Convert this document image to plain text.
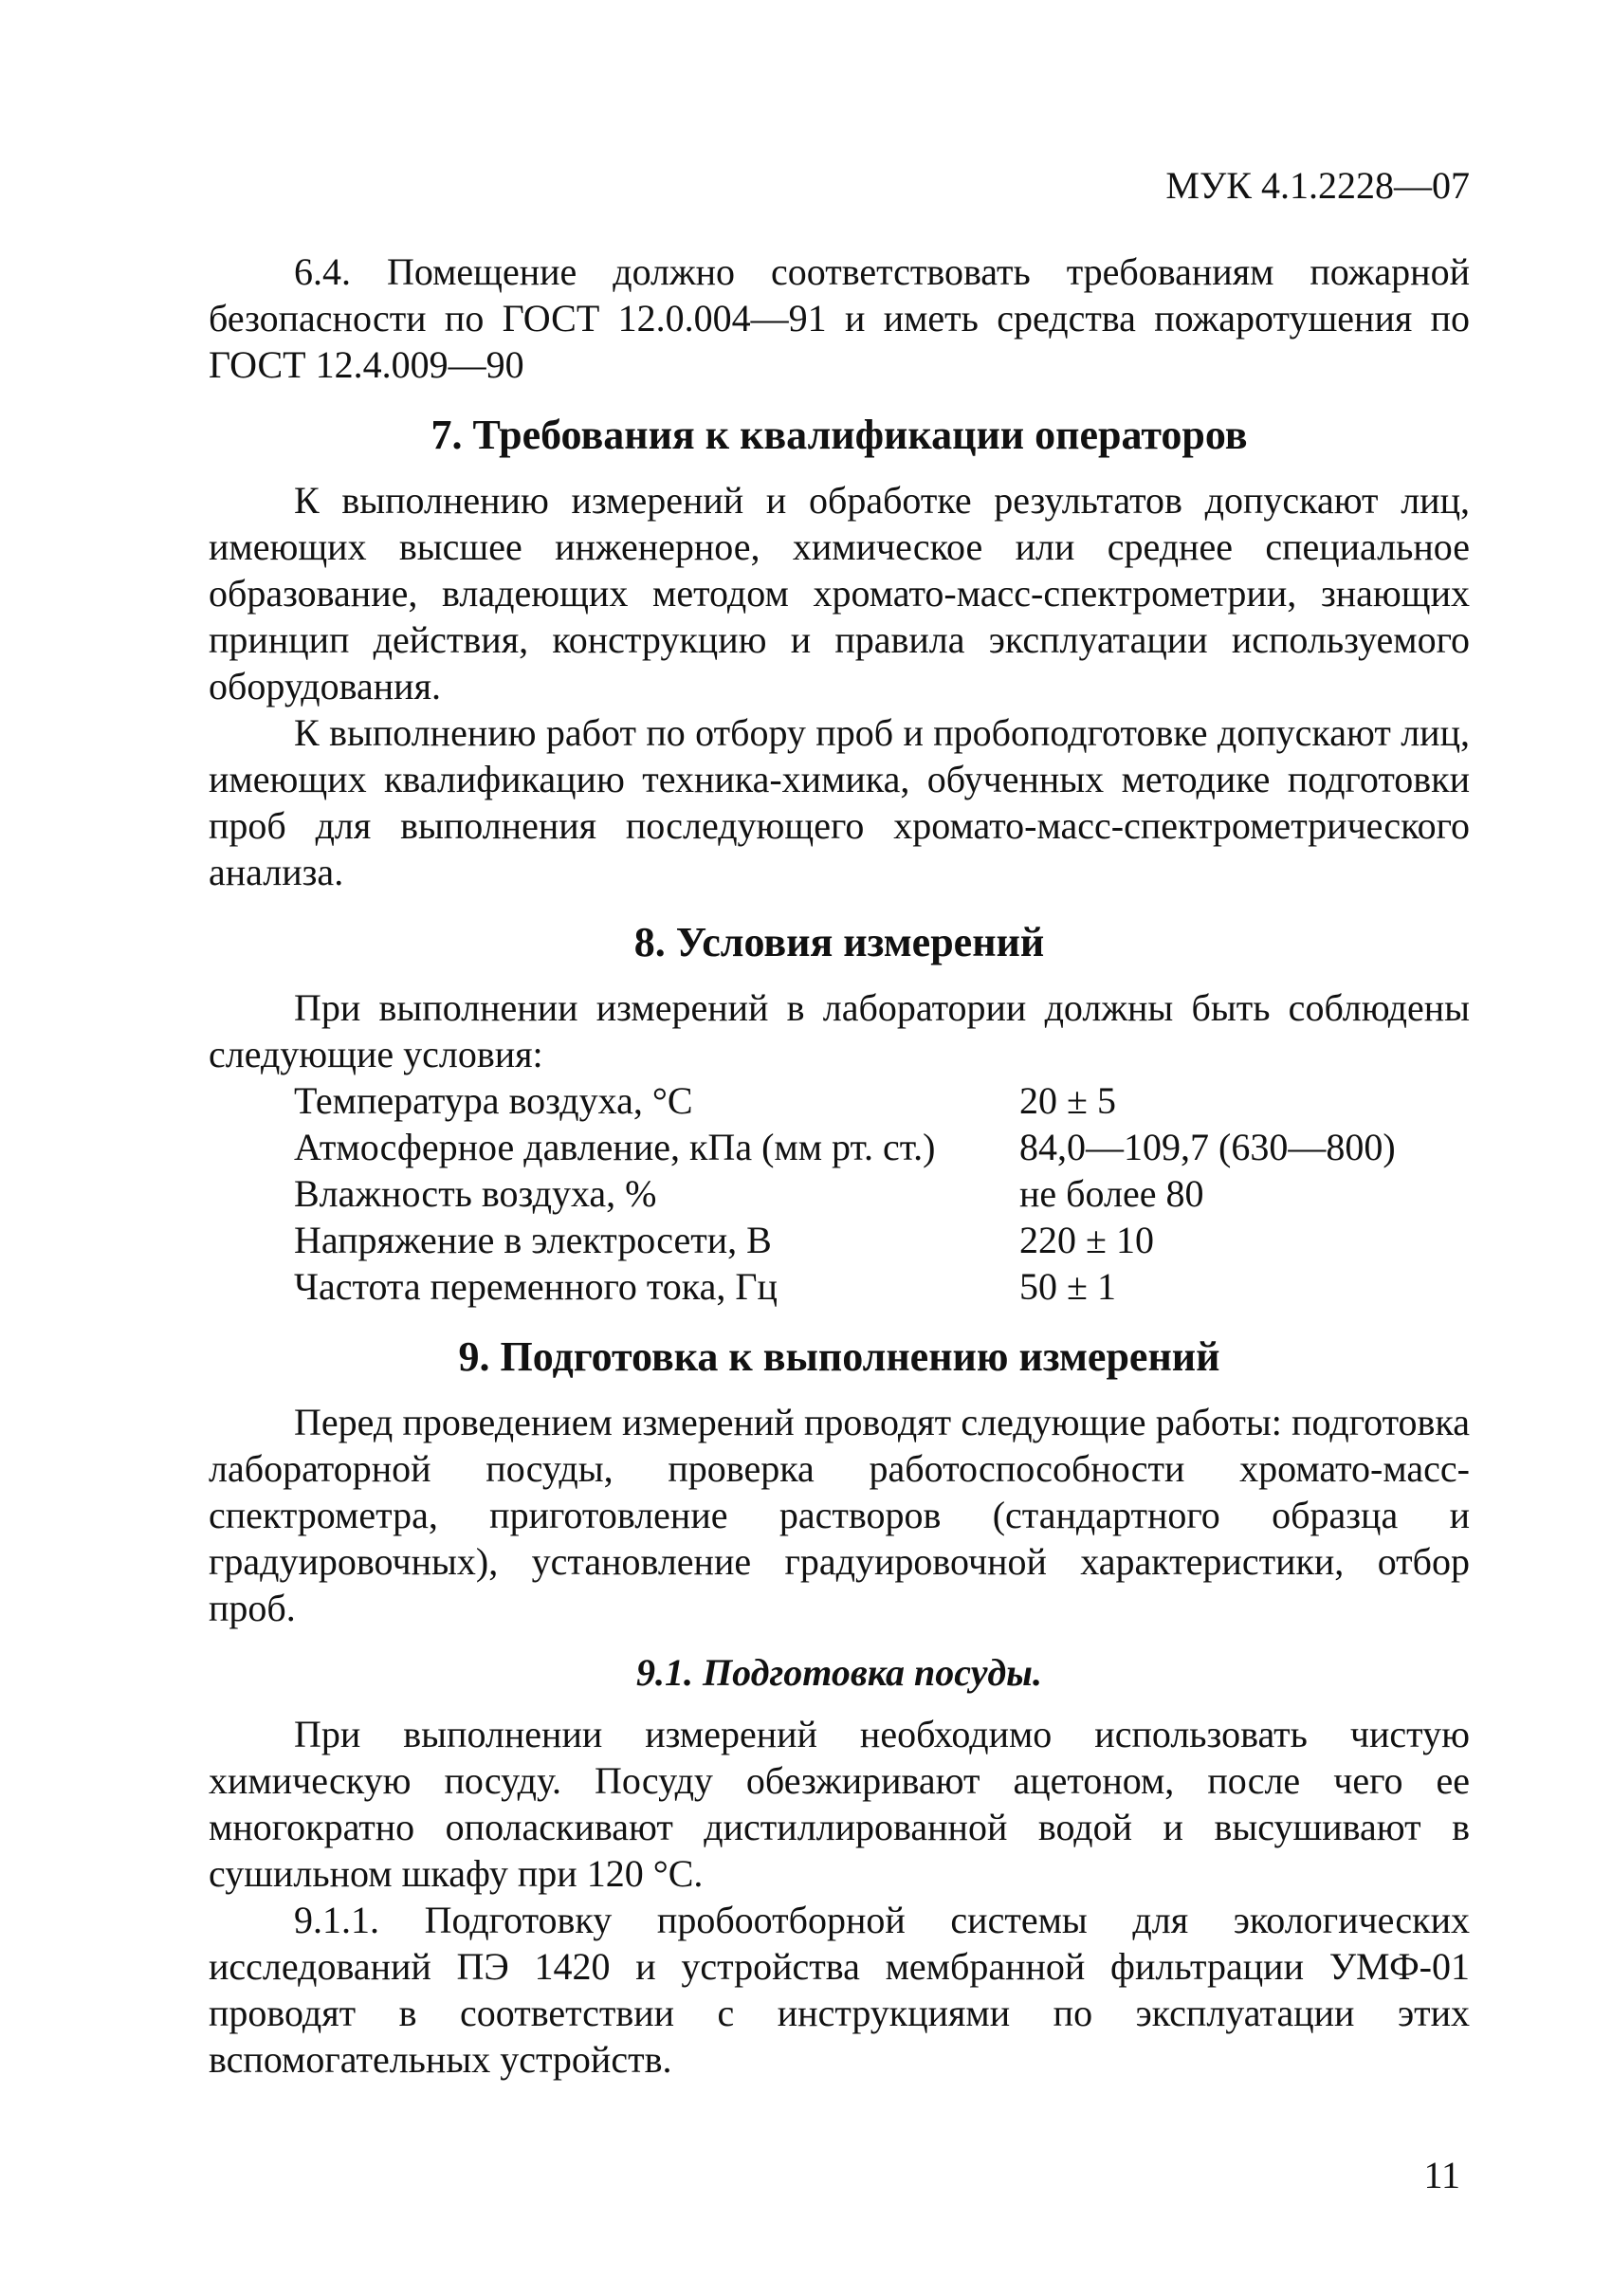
МУК 4.1.2228—07

6.4. Помещение должно соответствовать требованиям пожарной безопасности по ГОСТ 12.0.004—91 и иметь средства пожаротушения по ГОСТ 12.4.009—90

7. Требования к квалификации операторов

К выполнению измерений и обработке результатов допускают лиц, имеющих высшее инженерное, химическое или среднее специальное образование, владеющих методом хромато-масс-спектрометрии, знающих принцип действия, конструкцию и правила эксплуатации используемого оборудования.

К выполнению работ по отбору проб и пробоподготовке допускают лиц, имеющих квалификацию техника-химика, обученных методике подготовки проб для выполнения последующего хромато-масс-спектрометрического анализа.

8. Условия измерений

При выполнении измерений в лаборатории должны быть соблюдены следующие условия:

Температура воздуха, °С	20 ± 5
Атмосферное давление, кПа (мм рт. ст.)	84,0—109,7 (630—800)
Влажность воздуха, %	не более 80
Напряжение в электросети, В	220 ± 10
Частота переменного тока, Гц	50 ± 1
9. Подготовка к выполнению измерений

Перед проведением измерений проводят следующие работы: подготовка лабораторной посуды, проверка работоспособности хромато-масс-спектрометра, приготовление растворов (стандартного образца и градуировочных), установление градуировочной характеристики, отбор проб.

9.1. Подготовка посуды.

При выполнении измерений необходимо использовать чистую химическую посуду. Посуду обезжиривают ацетоном, после чего ее многократно ополаскивают дистиллированной водой и высушивают в сушильном шкафу при 120 °С.

9.1.1. Подготовку пробоотборной системы для экологических исследований ПЭ 1420 и устройства мембранной фильтрации УМФ-01 проводят в соответствии с инструкциями по эксплуатации этих вспомогательных устройств.

11
